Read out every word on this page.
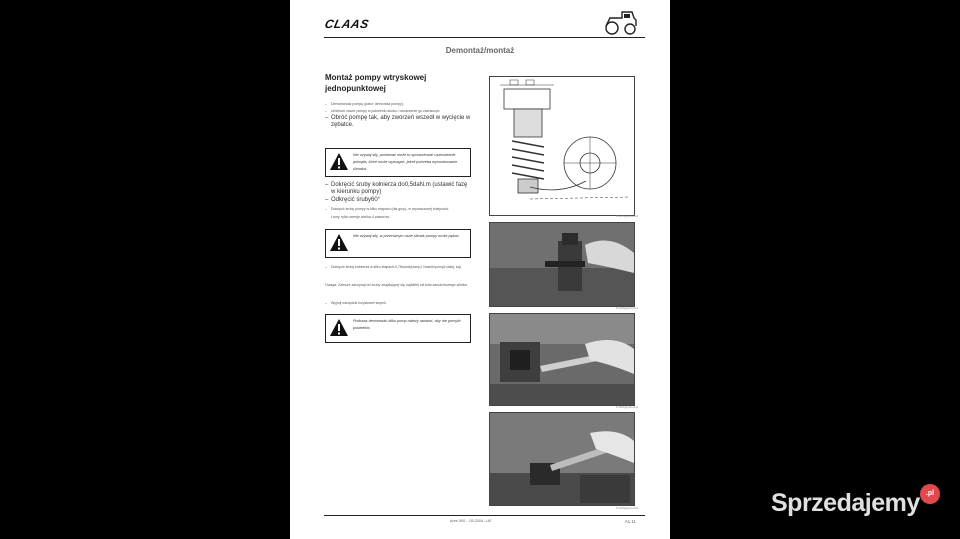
CLAAS
Demontaż/montaż
Montaż pompy wtryskowej jednopunktowej
– Demontować pompę (patrz: demontaż pompy).
– Umieścić zawór pompy w położeniu skoku / oznaczenie go zaznaczyć.
– Obróć pompę tak, aby zworzeń wszedł w wycięcie w zębatce.
Nie używaj siły, ponieważ może to spowodować uszkodzenie pokrętła, które może wymagać, jeżeli potrzeba wymontowanie ślimaka.
– Dokręcić śruby kołnierza do0,5daN.m (ustawić fazę w kierunku pompy)
– Odkręcić śruby60°
– Dokręcić śruby pompy w kilku etapach (dla grup), w wyznaczonej kolejności.
Lewy, tylko wersje silnika 4 zaworów.
Nie używaj siły, w przeciwnym razie ślimak pompy może pękać.
– Dokręcić śruby kołnierza w kilku etapach:0,7Nośnik/pomp1 Nośnik/pomp2 dalej, kąt.
Uwaga: Zawsze zaczynaj od śruby znajdującej się najbliżej od koła zamachowego silnika.
– Wyjmij narzędzie łożyskowe stopek.
Podczas demontażu kilku pomp należy uważać, aby nie pomylić podzielnic.
Fro/Mg/pp/uo/o0
Fro/Mg/pp/uo/o1
Fro/Mg/pp/uo/o2
Fro/Mg/pp/uo/o3
Ares 500 – 05.2004 –UE	A1.11
Sprzedajemy .pl
